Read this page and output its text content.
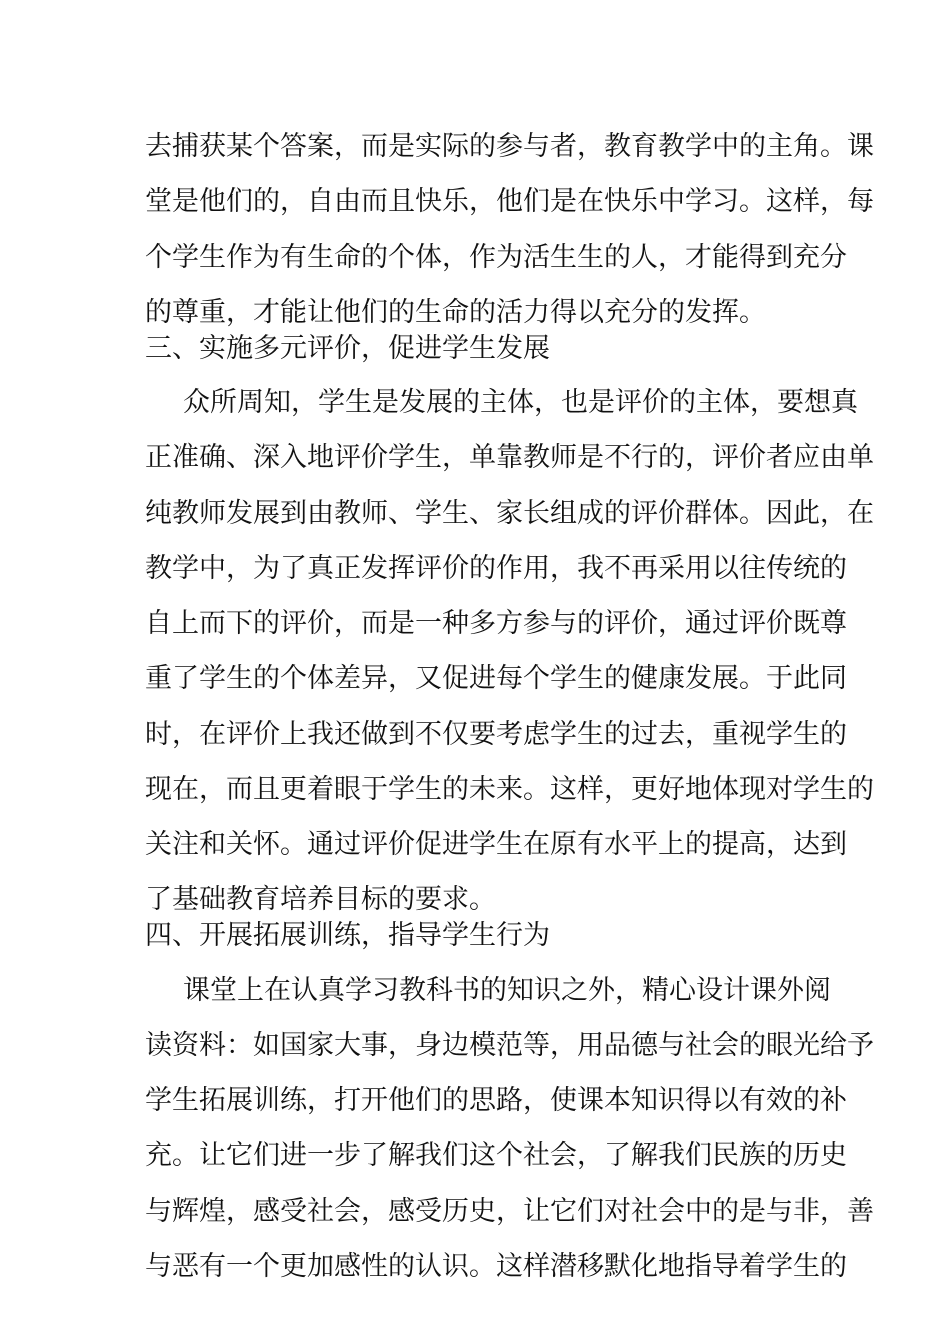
去捕获某个答案，而是实际的参与者，教育教学中的主角。课
堂是他们的，自由而且快乐，他们是在快乐中学习。这样，每
个学生作为有生命的个体，作为活生生的人，才能得到充分
的尊重，才能让他们的生命的活力得以充分的发挥。
三、实施多元评价，促进学生发展
众所周知，学生是发展的主体，也是评价的主体，要想真
正准确、深入地评价学生，单靠教师是不行的，评价者应由单
纯教师发展到由教师、学生、家长组成的评价群体。因此，在
教学中，为了真正发挥评价的作用，我不再采用以往传统的
自上而下的评价，而是一种多方参与的评价，通过评价既尊
重了学生的个体差异，又促进每个学生的健康发展。于此同
时，在评价上我还做到不仅要考虑学生的过去，重视学生的
现在，而且更着眼于学生的未来。这样，更好地体现对学生的
关注和关怀。通过评价促进学生在原有水平上的提高，达到
了基础教育培养目标的要求。
四、开展拓展训练，指导学生行为
课堂上在认真学习教科书的知识之外，精心设计课外阅
读资料：如国家大事，身边模范等，用品德与社会的眼光给予
学生拓展训练，打开他们的思路，使课本知识得以有效的补
充。让它们进一步了解我们这个社会，了解我们民族的历史
与辉煌，感受社会，感受历史，让它们对社会中的是与非，善
与恶有一个更加感性的认识。这样潜移默化地指导着学生的
